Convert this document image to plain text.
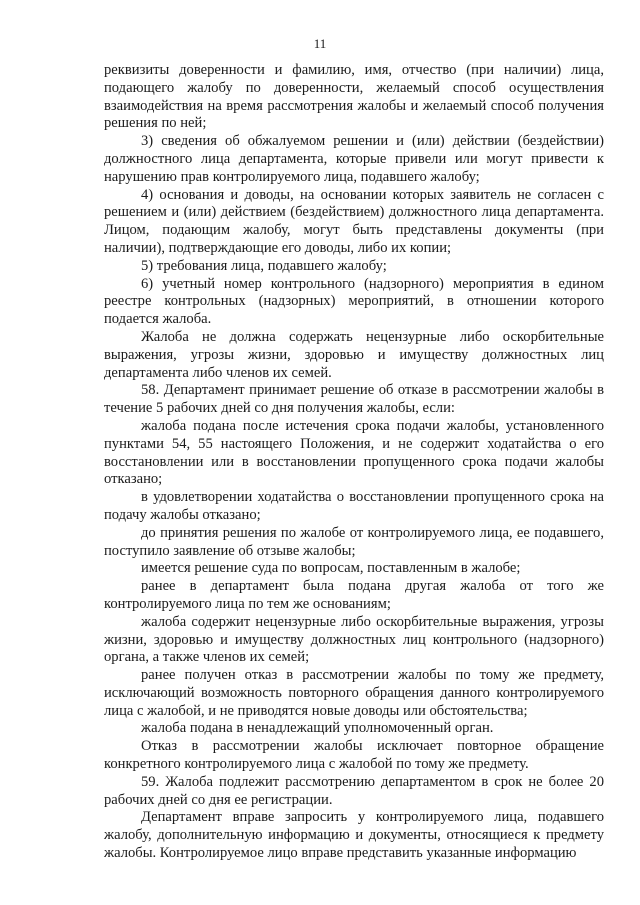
11

реквизиты доверенности и фамилию, имя, отчество (при наличии) лица, подающего жалобу по доверенности, желаемый способ осуществления взаимодействия на время рассмотрения жалобы и желаемый способ получения решения по ней;

3) сведения об обжалуемом решении и (или) действии (бездействии) должностного лица департамента, которые привели или могут привести к нарушению прав контролируемого лица, подавшего жалобу;

4) основания и доводы, на основании которых заявитель не согласен с решением и (или) действием (бездействием) должностного лица департамента. Лицом, подающим жалобу, могут быть представлены документы (при наличии), подтверждающие его доводы, либо их копии;

5) требования лица, подавшего жалобу;

6) учетный номер контрольного (надзорного) мероприятия в едином реестре контрольных (надзорных) мероприятий, в отношении которого подается жалоба.

Жалоба не должна содержать нецензурные либо оскорбительные выражения, угрозы жизни, здоровью и имуществу должностных лиц департамента либо членов их семей.

58. Департамент принимает решение об отказе в рассмотрении жалобы в течение 5 рабочих дней со дня получения жалобы, если:

жалоба подана после истечения срока подачи жалобы, установленного пунктами 54, 55 настоящего Положения, и не содержит ходатайства о его восстановлении или в восстановлении пропущенного срока подачи жалобы отказано;

в удовлетворении ходатайства о восстановлении пропущенного срока на подачу жалобы отказано;

до принятия решения по жалобе от контролируемого лица, ее подавшего, поступило заявление об отзыве жалобы;

имеется решение суда по вопросам, поставленным в жалобе;

ранее в департамент была подана другая жалоба от того же контролируемого лица по тем же основаниям;

жалоба содержит нецензурные либо оскорбительные выражения, угрозы жизни, здоровью и имуществу должностных лиц контрольного (надзорного) органа, а также членов их семей;

ранее получен отказ в рассмотрении жалобы по тому же предмету, исключающий возможность повторного обращения данного контролируемого лица с жалобой, и не приводятся новые доводы или обстоятельства;

жалоба подана в ненадлежащий уполномоченный орган.

Отказ в рассмотрении жалобы исключает повторное обращение конкретного контролируемого лица с жалобой по тому же предмету.

59. Жалоба подлежит рассмотрению департаментом в срок не более 20 рабочих дней со дня ее регистрации.

Департамент вправе запросить у контролируемого лица, подавшего жалобу, дополнительную информацию и документы, относящиеся к предмету жалобы. Контролируемое лицо вправе представить указанные информацию
